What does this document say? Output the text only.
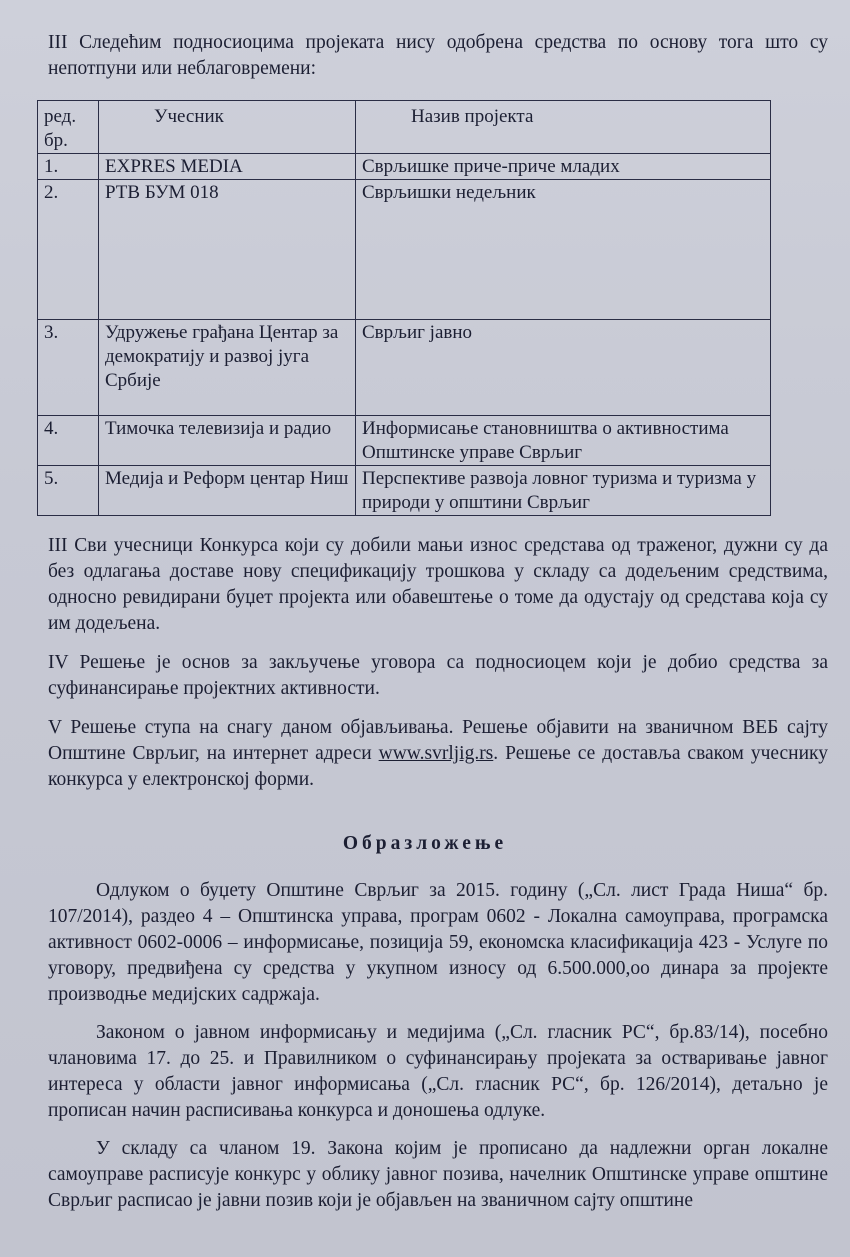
III Следећим подносиоцима пројеката нису одобрена средства по основу тога што су непотпуни или неблаговремени:

ред. бр.	Учесник	Назив пројекта
1.	EXPRES MEDIA	Сврљишке приче-приче младих
2.	РТВ БУМ 018	Сврљишки недељник
3.	Удружење грађана Центар за демократију и развој југа Србије	Сврљиг јавно
4.	Тимочка телевизија и радио	Информисање становништва о активностима Општинске управе Сврљиг
5.	Медија и Реформ центар Ниш	Перспективе развоја ловног туризма и туризма у природи у општини Сврљиг

III Сви учесници Конкурса који су добили мањи износ средстава од траженог, дужни су да без одлагања доставе нову спецификацију трошкова у складу са додељеним средствима, односно ревидирани буџет пројекта или обавештење о томе да одустају од средстава која су им додељена.

IV Решење је основ за закључење уговора са подносиоцем који је добио средства за суфинансирање пројектних активности.

V Решење ступа на снагу даном објављивања. Решење објавити на званичном ВЕБ сајту Општине Сврљиг, на интернет адреси www.svrljig.rs. Решење се доставља сваком учеснику конкурса у електронској форми.

Образложење

Одлуком о буџету Општине Сврљиг за 2015. годину („Сл. лист Града Ниша“ бр. 107/2014), раздео 4 – Општинска управа, програм 0602 - Локална самоуправа, програмска активност 0602-0006 – информисање, позиција 59, економска класификација 423 - Услуге по уговору, предвиђена су средства у укупном износу од 6.500.000,оо динара за пројекте производње медијских садржаја.

Законом о јавном информисању и медијима („Сл. гласник РС“, бр.83/14), посебно члановима 17. до 25. и Правилником о суфинансирању пројеката за остваривање јавног интереса у области јавног информисања („Сл. гласник РС“, бр. 126/2014), детаљно је прописан начин расписивања конкурса и доношења одлуке.

У складу са чланом 19. Закона којим је прописано да надлежни орган локалне самоуправе расписује конкурс у облику јавног позива, начелник Општинске управе општине Сврљиг расписао је јавни позив који је објављен на званичном сајту општине
